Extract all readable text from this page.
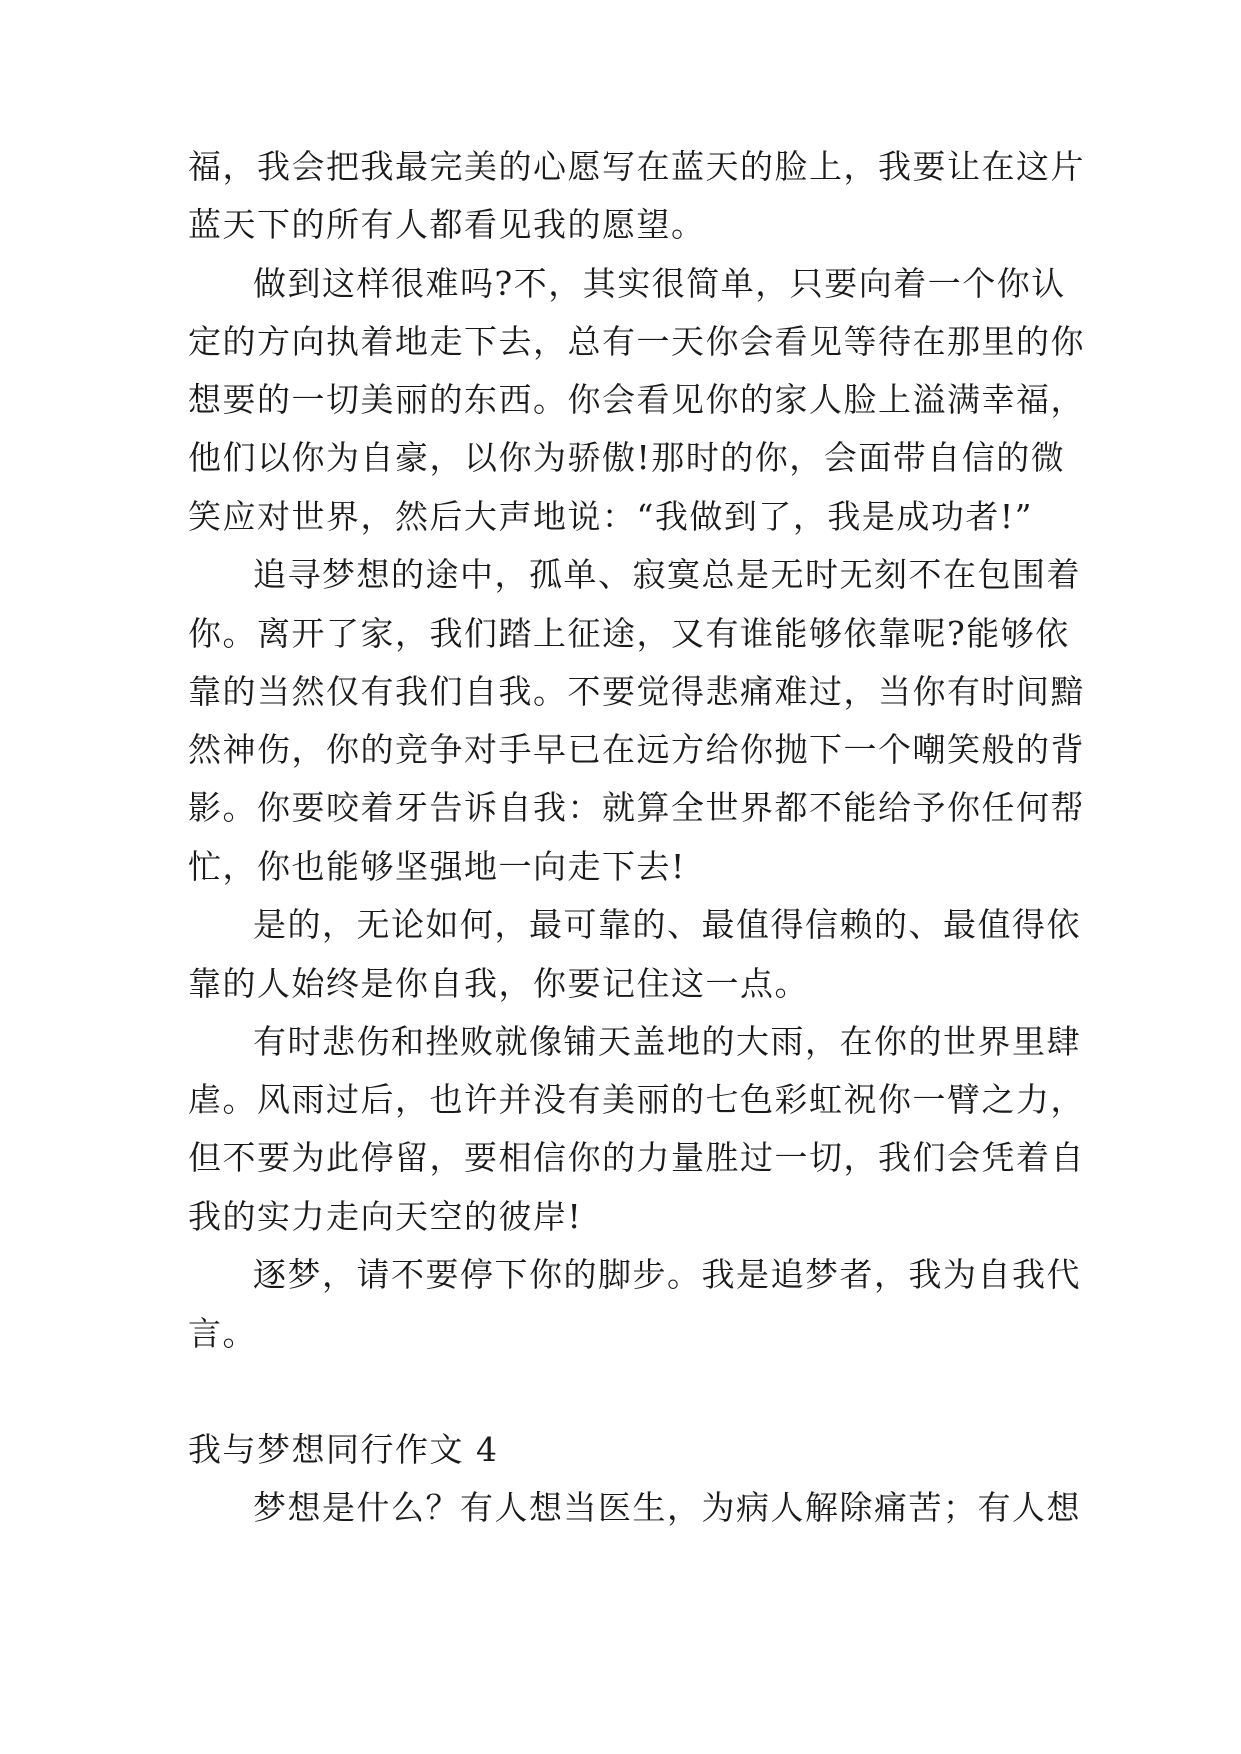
福，我会把我最完美的心愿写在蓝天的脸上，我要让在这片
蓝天下的所有人都看见我的愿望。
做到这样很难吗?不，其实很简单，只要向着一个你认
定的方向执着地走下去，总有一天你会看见等待在那里的你
想要的一切美丽的东西。你会看见你的家人脸上溢满幸福，
他们以你为自豪，以你为骄傲!那时的你，会面带自信的微
笑应对世界，然后大声地说：“我做到了，我是成功者!”
追寻梦想的途中，孤单、寂寞总是无时无刻不在包围着
你。离开了家，我们踏上征途，又有谁能够依靠呢?能够依
靠的当然仅有我们自我。不要觉得悲痛难过，当你有时间黯
然神伤，你的竞争对手早已在远方给你抛下一个嘲笑般的背
影。你要咬着牙告诉自我：就算全世界都不能给予你任何帮
忙，你也能够坚强地一向走下去!
是的，无论如何，最可靠的、最值得信赖的、最值得依
靠的人始终是你自我，你要记住这一点。
有时悲伤和挫败就像铺天盖地的大雨，在你的世界里肆
虐。风雨过后，也许并没有美丽的七色彩虹祝你一臂之力，
但不要为此停留，要相信你的力量胜过一切，我们会凭着自
我的实力走向天空的彼岸!
逐梦，请不要停下你的脚步。我是追梦者，我为自我代
言。
我与梦想同行作文 4
梦想是什么？有人想当医生，为病人解除痛苦；有人想
